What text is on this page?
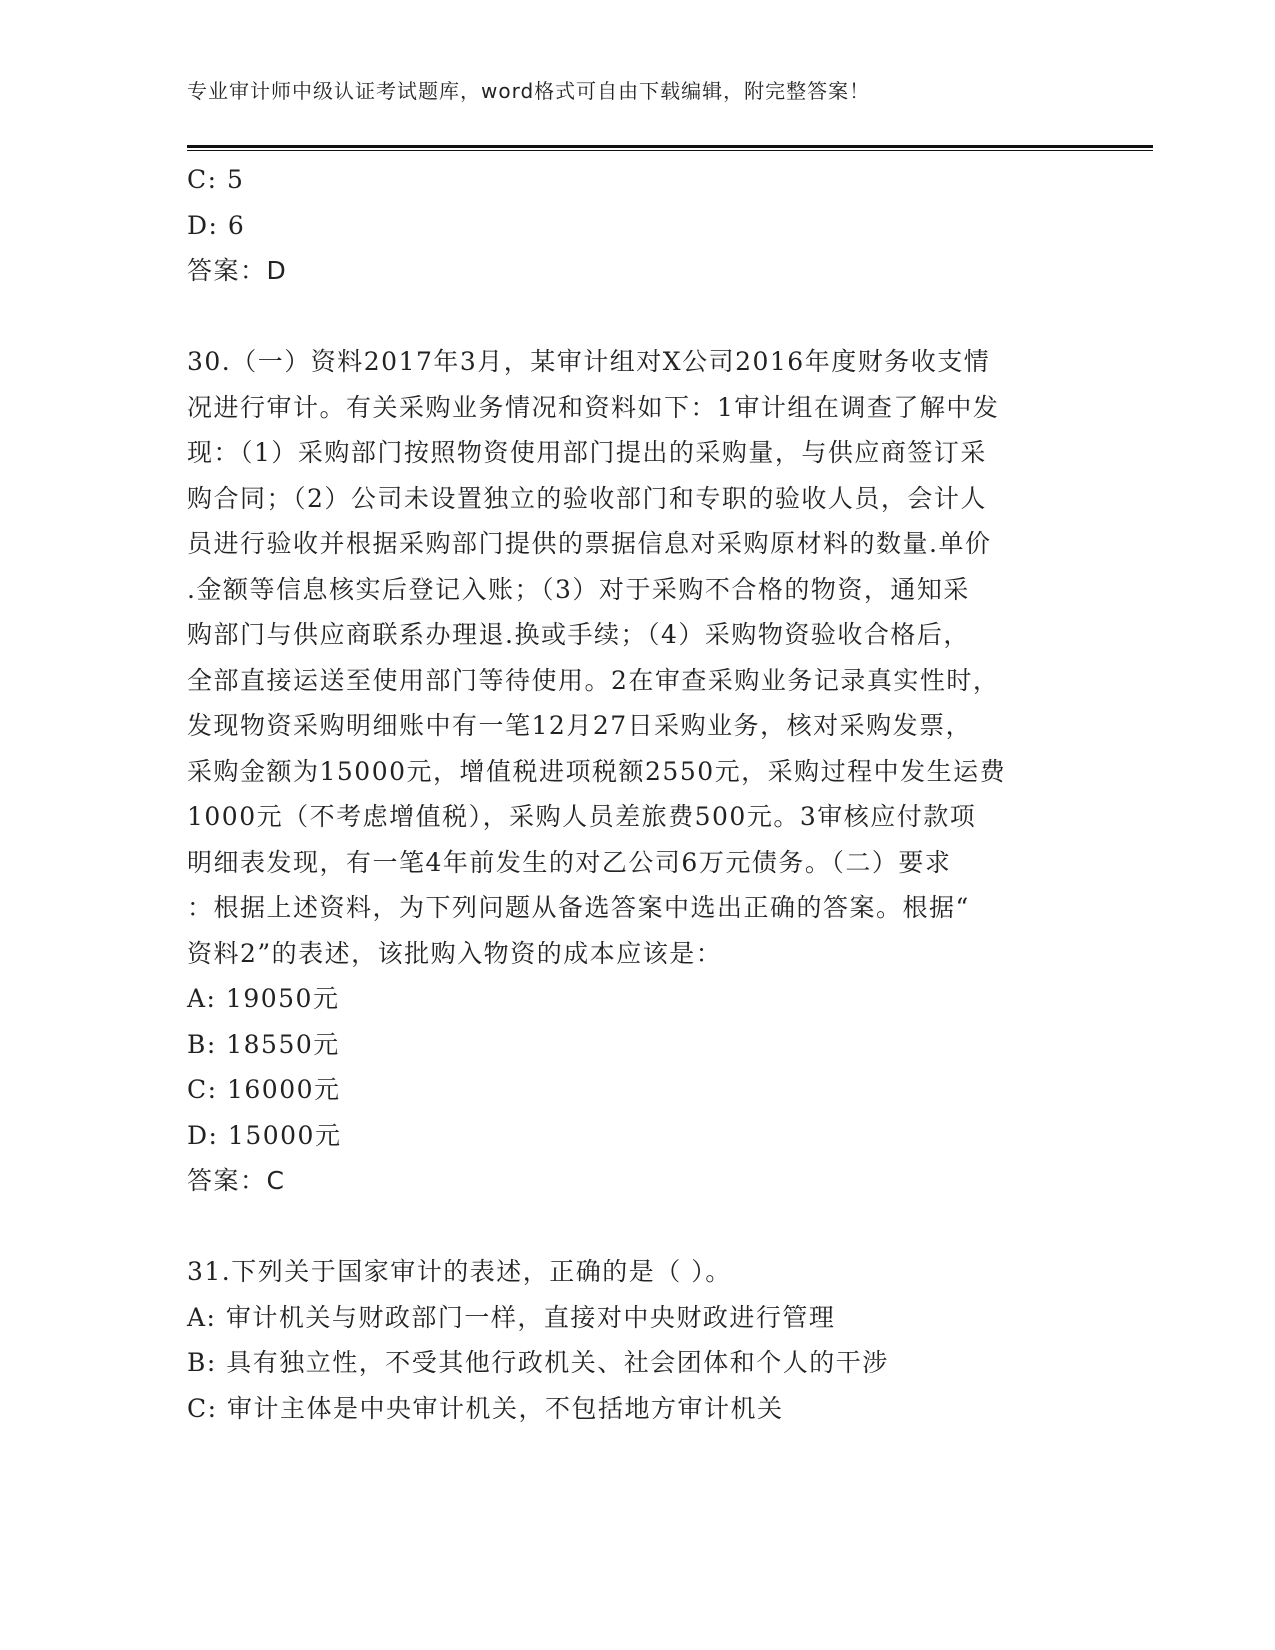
专业审计师中级认证考试题库，word格式可自由下载编辑，附完整答案！
C: 5
D: 6
答案：D
30.（一）资料2017年3月，某审计组对X公司2016年度财务收支情
况进行审计。有关采购业务情况和资料如下：1审计组在调查了解中发
现：（1）采购部门按照物资使用部门提出的采购量，与供应商签订采
购合同；（2）公司未设置独立的验收部门和专职的验收人员，会计人
员进行验收并根据采购部门提供的票据信息对采购原材料的数量.单价
.金额等信息核实后登记入账；（3）对于采购不合格的物资，通知采
购部门与供应商联系办理退.换或手续；（4）采购物资验收合格后，
全部直接运送至使用部门等待使用。2在审查采购业务记录真实性时，
发现物资采购明细账中有一笔12月27日采购业务，核对采购发票，
采购金额为15000元，增值税进项税额2550元，采购过程中发生运费
1000元（不考虑增值税），采购人员差旅费500元。3审核应付款项
明细表发现，有一笔4年前发生的对乙公司6万元债务。（二）要求
：根据上述资料，为下列问题从备选答案中选出正确的答案。根据“
资料2”的表述，该批购入物资的成本应该是：
A: 19050元
B: 18550元
C: 16000元
D: 15000元
答案：C
31.下列关于国家审计的表述，正确的是（ ）。
A: 审计机关与财政部门一样，直接对中央财政进行管理
B: 具有独立性，不受其他行政机关、社会团体和个人的干涉
C: 审计主体是中央审计机关，不包括地方审计机关
